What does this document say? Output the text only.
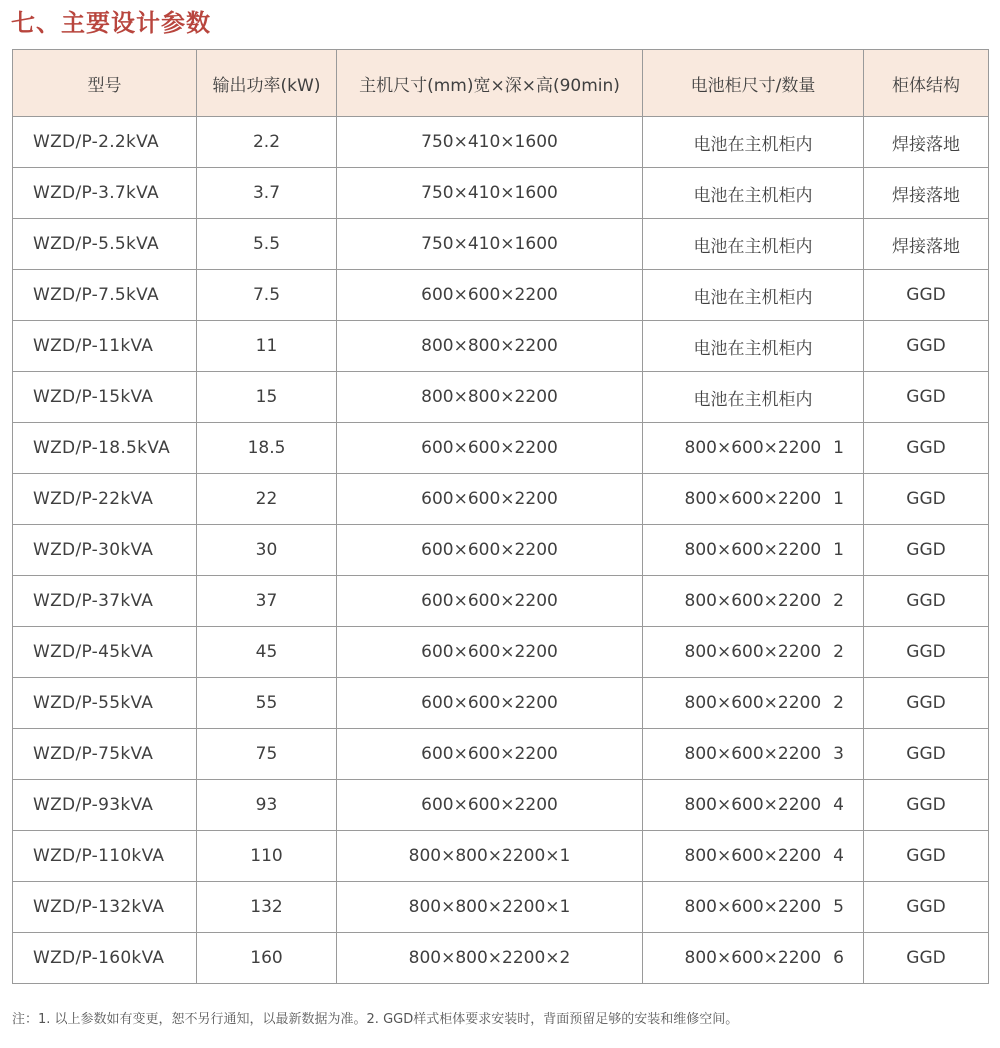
七、主要设计参数
型号	输出功率(kW)	主机尺寸(mm)宽×深×高(90min)	电池柜尺寸/数量	柜体结构
WZD/P-2.2kVA	2.2	750×410×1600	电池在主机柜内	焊接落地
WZD/P-3.7kVA	3.7	750×410×1600	电池在主机柜内	焊接落地
WZD/P-5.5kVA	5.5	750×410×1600	电池在主机柜内	焊接落地
WZD/P-7.5kVA	7.5	600×600×2200	电池在主机柜内	GGD
WZD/P-11kVA	11	800×800×2200	电池在主机柜内	GGD
WZD/P-15kVA	15	800×800×2200	电池在主机柜内	GGD
WZD/P-18.5kVA	18.5	600×600×2200	800×600×2200 1	GGD
WZD/P-22kVA	22	600×600×2200	800×600×2200 1	GGD
WZD/P-30kVA	30	600×600×2200	800×600×2200 1	GGD
WZD/P-37kVA	37	600×600×2200	800×600×2200 2	GGD
WZD/P-45kVA	45	600×600×2200	800×600×2200 2	GGD
WZD/P-55kVA	55	600×600×2200	800×600×2200 2	GGD
WZD/P-75kVA	75	600×600×2200	800×600×2200 3	GGD
WZD/P-93kVA	93	600×600×2200	800×600×2200 4	GGD
WZD/P-110kVA	110	800×800×2200×1	800×600×2200 4	GGD
WZD/P-132kVA	132	800×800×2200×1	800×600×2200 5	GGD
WZD/P-160kVA	160	800×800×2200×2	800×600×2200 6	GGD
注：1. 以上参数如有变更，恕不另行通知，以最新数据为准。2. GGD样式柜体要求安装时，背面预留足够的安装和维修空间。
